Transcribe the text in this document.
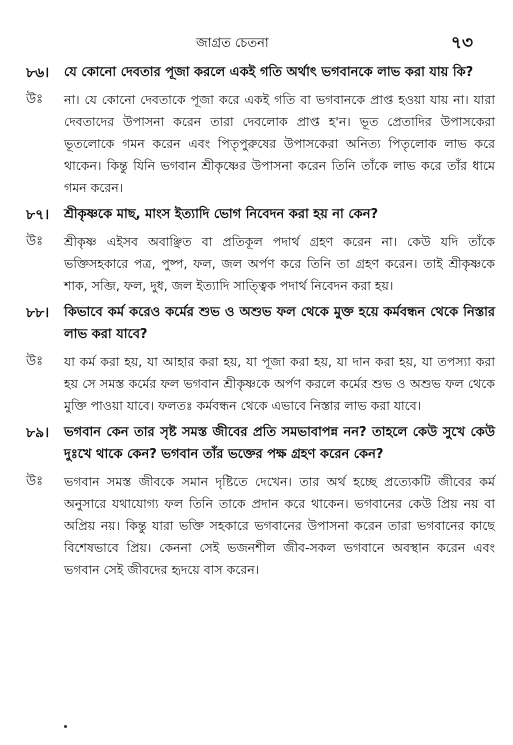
জাগ্রত চেতনা	৭৩
৮৬।	যে কোনো দেবতার পূজা করলে একই গতি অর্থাৎ ভগবানকে লাভ করা যায় কি?
উঃ	না। যে কোনো দেবতাকে পূজা করে একই গতি বা ভগবানকে প্রাপ্ত হওয়া যায় না। যারা দেবতাদের উপাসনা করেন তারা দেবলোক প্রাপ্ত হ'ন। ভূত প্রেতাদির উপাসকেরা ভূতলোকে গমন করেন এবং পিতৃপুরুষের উপাসকেরা অনিত্য পিতৃলোক লাভ করে থাকেন। কিন্তু যিনি ভগবান শ্রীকৃষ্ণের উপাসনা করেন তিনি তাঁকে লাভ করে তাঁর ধামে গমন করেন।
৮৭।	শ্রীকৃষ্ণকে মাছ, মাংস ইত্যাদি ভোগ নিবেদন করা হয় না কেন?
উঃ	শ্রীকৃষ্ণ এইসব অবাঞ্ছিত বা প্রতিকূল পদার্থ গ্রহণ করেন না। কেউ যদি তাঁকে ভক্তিসহকারে পত্র, পুষ্প, ফল, জল অর্পণ করে তিনি তা গ্রহণ করেন। তাই শ্রীকৃষ্ণকে শাক, সব্জি, ফল, দুধ, জল ইত্যাদি সাত্ত্বিক পদার্থ নিবেদন করা হয়।
৮৮।	কিভাবে কর্ম করেও কর্মের শুভ ও অশুভ ফল থেকে মুক্ত হয়ে কর্মবন্ধন থেকে নিস্তার লাভ করা যাবে?
উঃ	যা কর্ম করা হয়, যা আহার করা হয়, যা পূজা করা হয়, যা দান করা হয়, যা তপস্যা করা হয় সে সমস্ত কর্মের ফল ভগবান শ্রীকৃষ্ণকে অর্পণ করলে কর্মের শুভ ও অশুভ ফল থেকে মুক্তি পাওয়া যাবে। ফলতঃ কর্মবন্ধন থেকে এভাবে নিস্তার লাভ করা যাবে।
৮৯।	ভগবান কেন তার সৃষ্ট সমস্ত জীবের প্রতি সমভাবাপন্ন নন? তাহলে কেউ সুখে কেউ দুঃখে থাকে কেন? ভগবান তাঁর ভক্তের পক্ষ গ্রহণ করেন কেন?
উঃ	ভগবান সমস্ত জীবকে সমান দৃষ্টিতে দেখেন। তার অর্থ হচ্ছে প্রত্যেকটি জীবের কর্ম অনুসারে যথাযোগ্য ফল তিনি তাকে প্রদান করে থাকেন। ভগবানের কেউ প্রিয় নয় বা অপ্রিয় নয়। কিন্তু যারা ভক্তি সহকারে ভগবানের উপাসনা করেন তারা ভগবানের কাছে বিশেষভাবে প্রিয়। কেননা সেই ভজনশীল জীব-সকল ভগবানে অবস্থান করেন এবং ভগবান সেই জীবদের হৃদয়ে বাস করেন।
